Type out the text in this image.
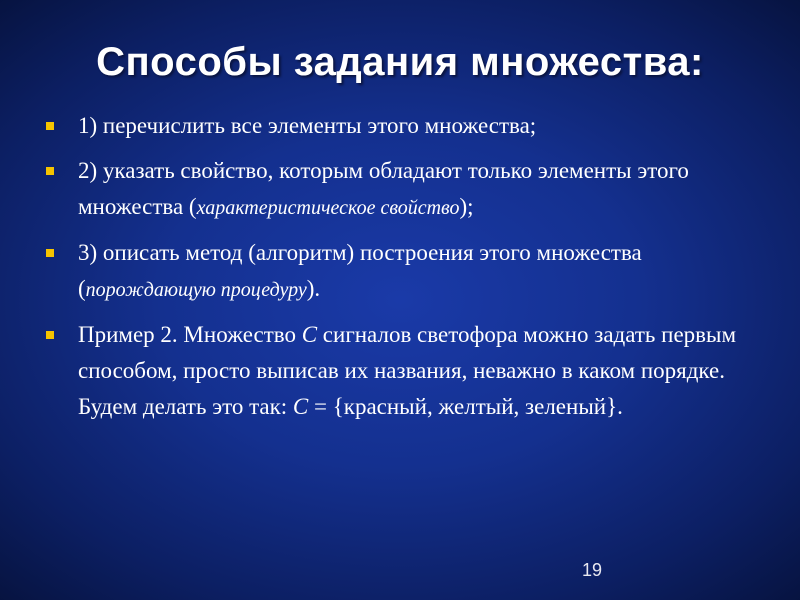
Способы задания множества:
1) перечислить все элементы этого множества;
2) указать свойство, которым обладают только элементы этого множества (характеристическое свойство);
3) описать метод (алгоритм) построения этого множества (порождающую процедуру).
Пример 2. Множество C сигналов светофора можно задать первым способом, просто выписав их названия, неважно в каком порядке. Будем делать это так: C = {красный, желтый, зеленый}.
19
